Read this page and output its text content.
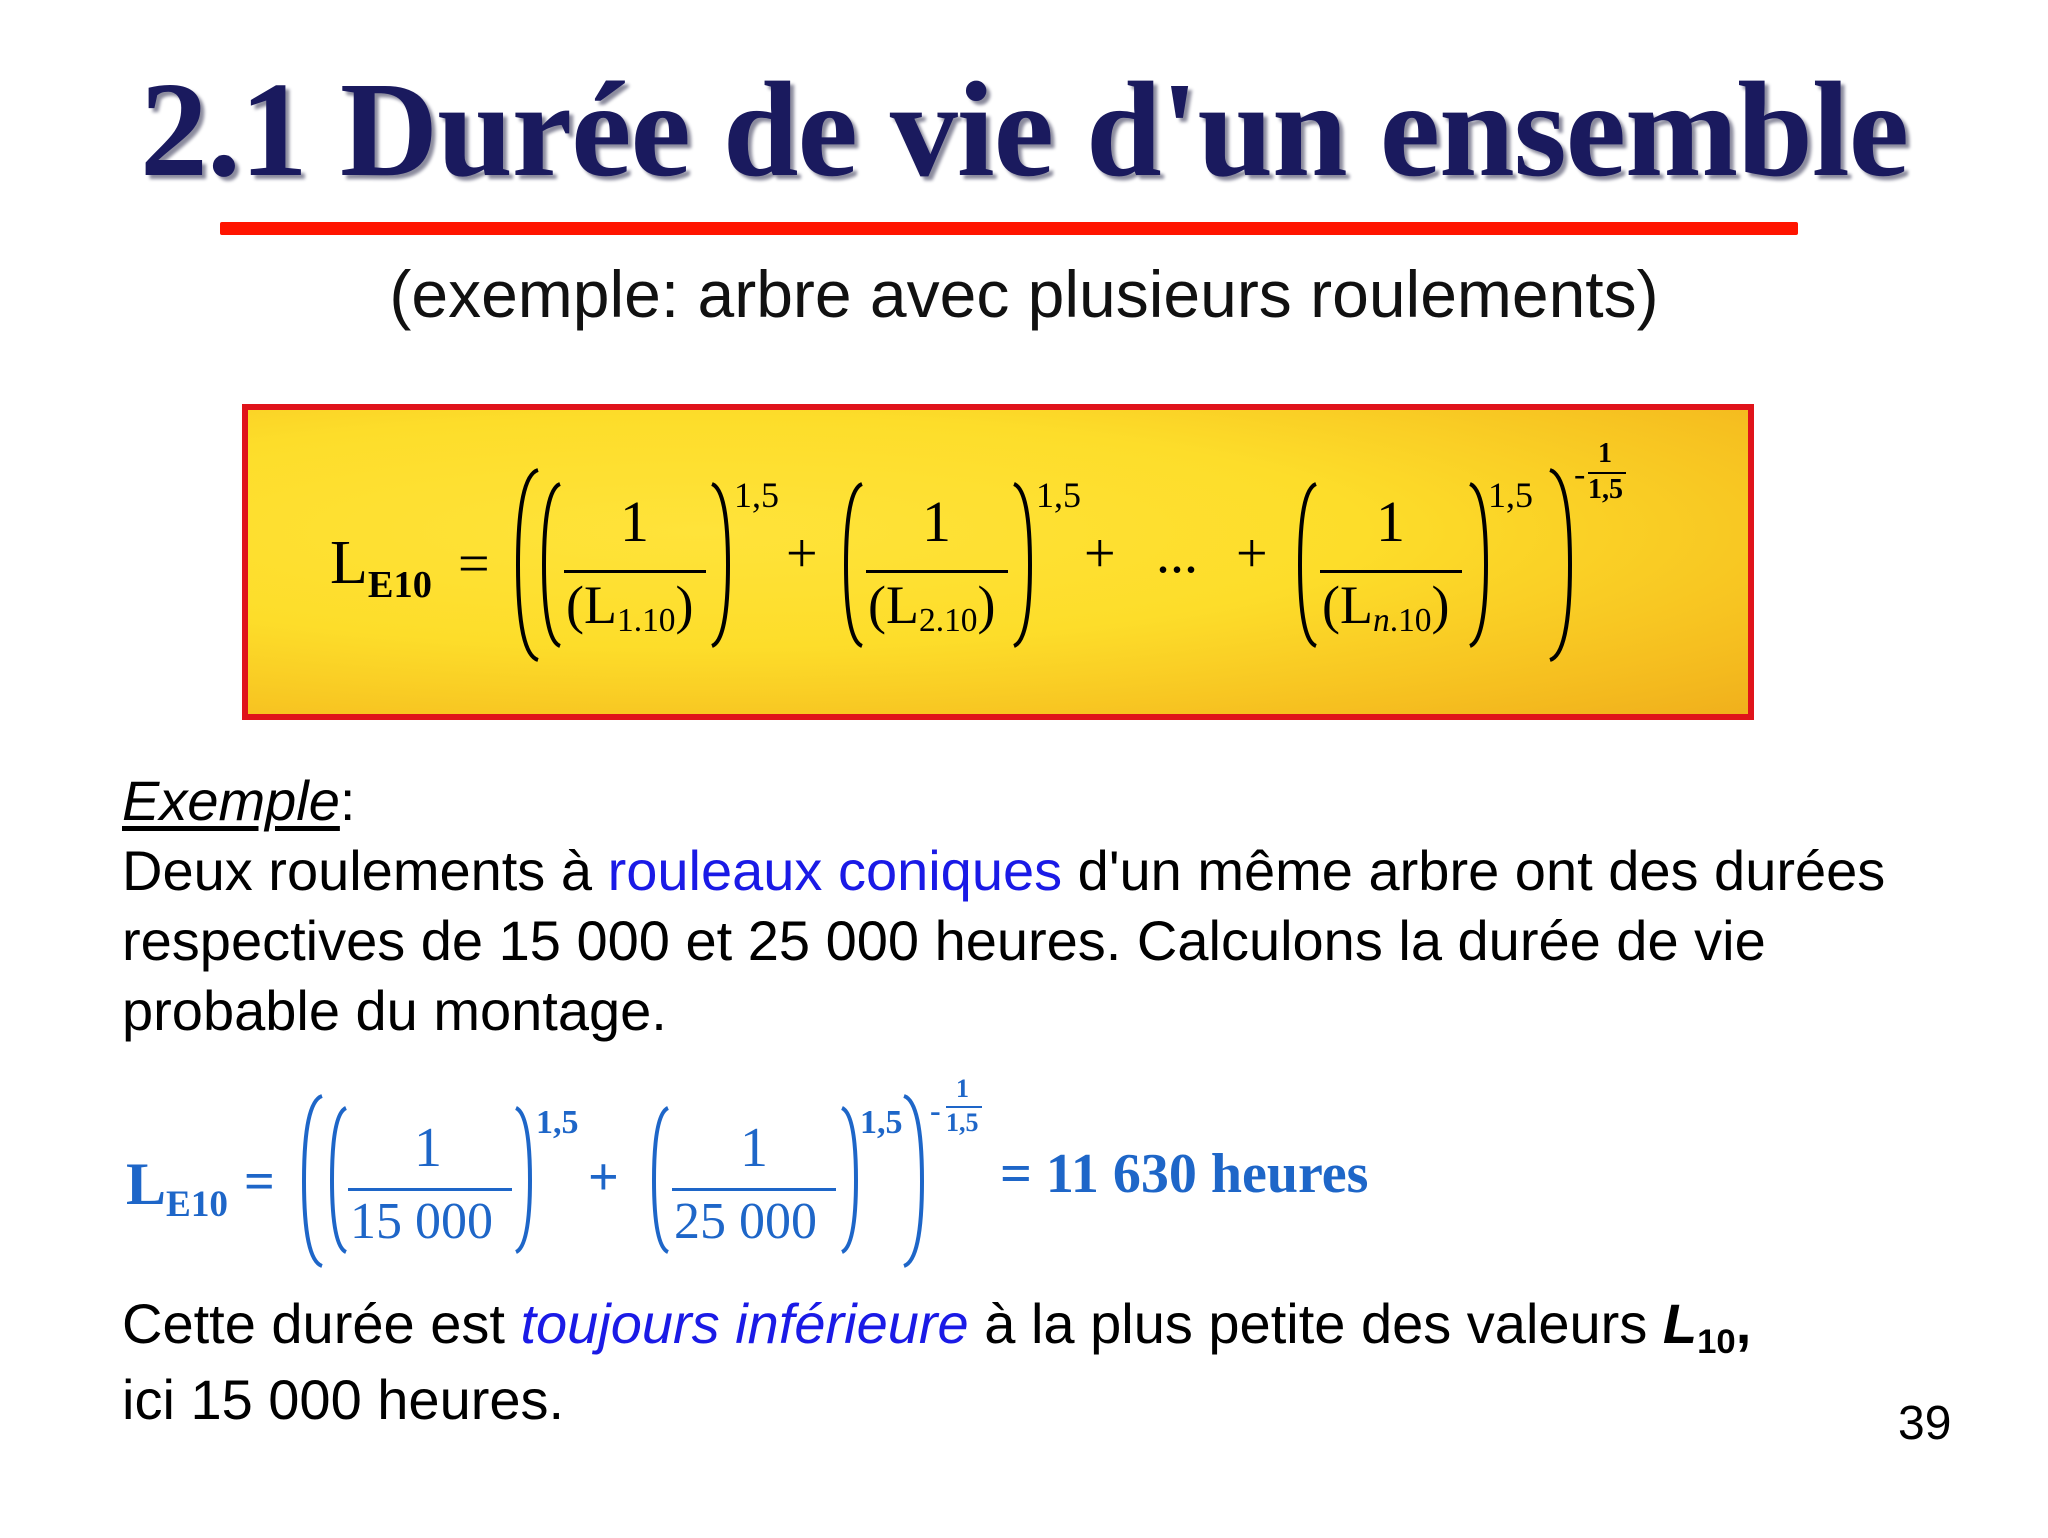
2.1 Durée de vie d'un ensemble
(exemple: arbre avec plusieurs roulements)
$L_{E10}$ =
1
(L1.10)
1,5
+ 1
(L2.10)
1,5
+ ... + 1
(Ln.10)
1,5
-
1
1,5
Exemple:
Deux roulements à rouleaux coniques d'un même arbre ont des durées respectives de 15 000 et 25 000 heures. Calculons la durée de vie probable du montage.
$L_{E10}$ =
1
15 000
1,5
+ 1
25 000
1,5 -
1
1,5
= 11 630 heures
Cette durée est toujours inférieure à la plus petite des valeurs L10,
ici 15 000 heures.	39
